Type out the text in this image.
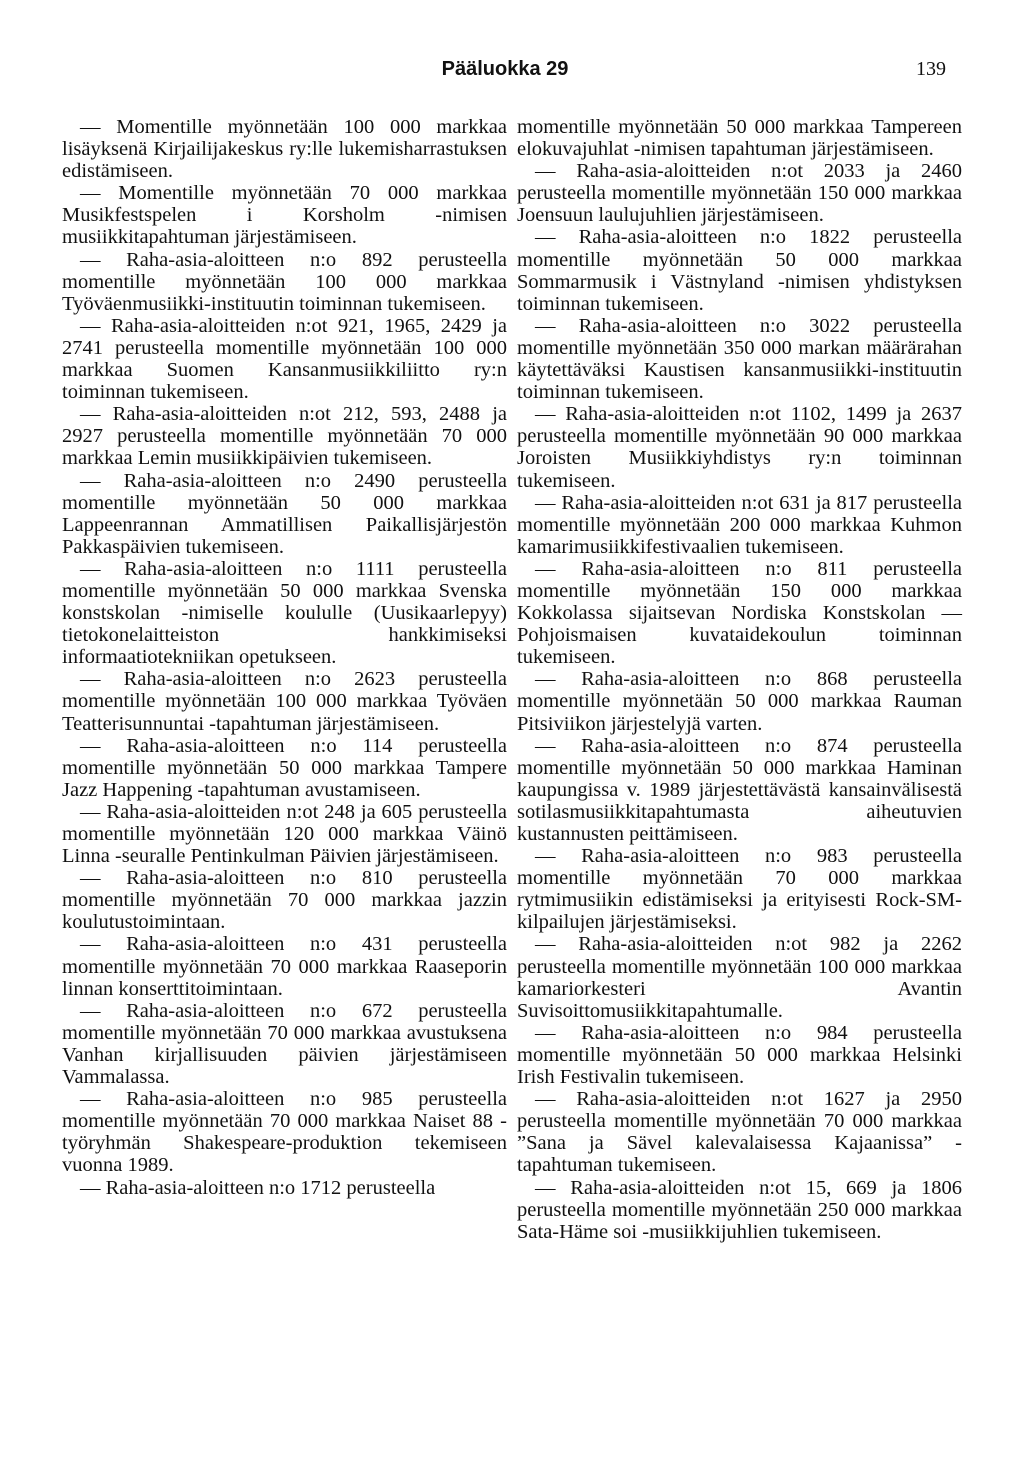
Pääluokka 29	139

— Momentille myönnetään 100 000 markkaa lisäyksenä Kirjailijakeskus ry:lle lukemisharrastuksen edistämiseen.

— Momentille myönnetään 70 000 markkaa Musikfestspelen i Korsholm -nimisen musiikkitapahtuman järjestämiseen.

— Raha-asia-aloitteen n:o 892 perusteella momentille myönnetään 100 000 markkaa Työväenmusiikki-instituutin toiminnan tukemiseen.

— Raha-asia-aloitteiden n:ot 921, 1965, 2429 ja 2741 perusteella momentille myönnetään 100 000 markkaa Suomen Kansanmusiikkiliitto ry:n toiminnan tukemiseen.

— Raha-asia-aloitteiden n:ot 212, 593, 2488 ja 2927 perusteella momentille myönnetään 70 000 markkaa Lemin musiikkipäivien tukemiseen.

— Raha-asia-aloitteen n:o 2490 perusteella momentille myönnetään 50 000 markkaa Lappeenrannan Ammatillisen Paikallisjärjestön Pakkaspäivien tukemiseen.

— Raha-asia-aloitteen n:o 1111 perusteella momentille myönnetään 50 000 markkaa Svenska konstskolan -nimiselle koululle (Uusikaarlepyy) tietokonelaitteiston hankkimiseksi informaatiotekniikan opetukseen.

— Raha-asia-aloitteen n:o 2623 perusteella momentille myönnetään 100 000 markkaa Työväen Teatterisunnuntai -tapahtuman järjestämiseen.

— Raha-asia-aloitteen n:o 114 perusteella momentille myönnetään 50 000 markkaa Tampere Jazz Happening -tapahtuman avustamiseen.

— Raha-asia-aloitteiden n:ot 248 ja 605 perusteella momentille myönnetään 120 000 markkaa Väinö Linna -seuralle Pentinkulman Päivien järjestämiseen.

— Raha-asia-aloitteen n:o 810 perusteella momentille myönnetään 70 000 markkaa jazzin koulutustoimintaan.

— Raha-asia-aloitteen n:o 431 perusteella momentille myönnetään 70 000 markkaa Raaseporin linnan konserttitoimintaan.

— Raha-asia-aloitteen n:o 672 perusteella momentille myönnetään 70 000 markkaa avustuksena Vanhan kirjallisuuden päivien järjestämiseen Vammalassa.

— Raha-asia-aloitteen n:o 985 perusteella momentille myönnetään 70 000 markkaa Naiset 88 -työryhmän Shakespeare-produktion tekemiseen vuonna 1989.

— Raha-asia-aloitteen n:o 1712 perusteella

momentille myönnetään 50 000 markkaa Tampereen elokuvajuhlat -nimisen tapahtuman järjestämiseen.

— Raha-asia-aloitteiden n:ot 2033 ja 2460 perusteella momentille myönnetään 150 000 markkaa Joensuun laulujuhlien järjestämiseen.

— Raha-asia-aloitteen n:o 1822 perusteella momentille myönnetään 50 000 markkaa Sommarmusik i Västnyland -nimisen yhdistyksen toiminnan tukemiseen.

— Raha-asia-aloitteen n:o 3022 perusteella momentille myönnetään 350 000 markan määrärahan käytettäväksi Kaustisen kansanmusiikki-instituutin toiminnan tukemiseen.

— Raha-asia-aloitteiden n:ot 1102, 1499 ja 2637 perusteella momentille myönnetään 90 000 markkaa Joroisten Musiikkiyhdistys ry:n toiminnan tukemiseen.

— Raha-asia-aloitteiden n:ot 631 ja 817 perusteella momentille myönnetään 200 000 markkaa Kuhmon kamarimusiikkifestivaalien tukemiseen.

— Raha-asia-aloitteen n:o 811 perusteella momentille myönnetään 150 000 markkaa Kokkolassa sijaitsevan Nordiska Konstskolan — Pohjoismaisen kuvataidekoulun toiminnan tukemiseen.

— Raha-asia-aloitteen n:o 868 perusteella momentille myönnetään 50 000 markkaa Rauman Pitsiviikon järjestelyjä varten.

— Raha-asia-aloitteen n:o 874 perusteella momentille myönnetään 50 000 markkaa Haminan kaupungissa v. 1989 järjestettävästä kansainvälisestä sotilasmusiikkitapahtumasta aiheutuvien kustannusten peittämiseen.

— Raha-asia-aloitteen n:o 983 perusteella momentille myönnetään 70 000 markkaa rytmimusiikin edistämiseksi ja erityisesti Rock-SM-kilpailujen järjestämiseksi.

— Raha-asia-aloitteiden n:ot 982 ja 2262 perusteella momentille myönnetään 100 000 markkaa kamariorkesteri Avantin Suvisoittomusiikkitapahtumalle.

— Raha-asia-aloitteen n:o 984 perusteella momentille myönnetään 50 000 markkaa Helsinki Irish Festivalin tukemiseen.

— Raha-asia-aloitteiden n:ot 1627 ja 2950 perusteella momentille myönnetään 70 000 markkaa ”Sana ja Sävel kalevalaisessa Kajaanissa” -tapahtuman tukemiseen.

— Raha-asia-aloitteiden n:ot 15, 669 ja 1806 perusteella momentille myönnetään 250 000 markkaa Sata-Häme soi -musiikkijuhlien tukemiseen.
